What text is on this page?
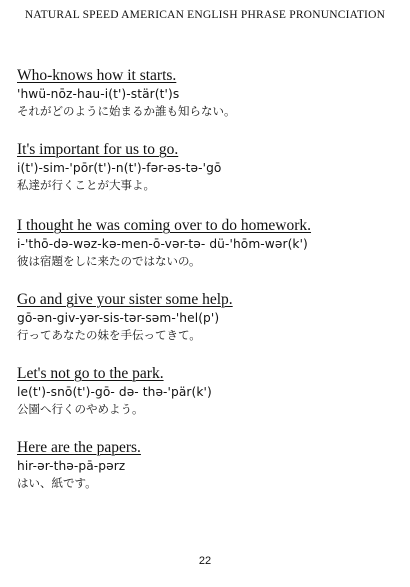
NATURAL SPEED AMERICAN ENGLISH PHRASE PRONUNCIATION
Who-knows how it starts.
'hwü-nōz-hau-i(t')-stär(t')s
それがどのように始まるか誰も知らない。
It's important for us to go.
i(t')-sim-'pōr(t')-n(t')-fər-əs-tə-'gō
私達が行くことが大事よ。
I thought he was coming over to do homework.
i-'thō-də-wəz-kə-men-ō-vər-tə- dü-'hōm-wər(k')
彼は宿題をしに来たのではないの。
Go and give your sister some help.
gō-ən-giv-yər-sis-tər-səm-'hel(p')
行ってあなたの妹を手伝ってきて。
Let's not go to the park.
le(t')-snō(t')-gō- də- thə-'pär(k')
公園へ行くのやめよう。
Here are the papers.
hir-ər-thə-pā-pərz
はい、紙です。
22
